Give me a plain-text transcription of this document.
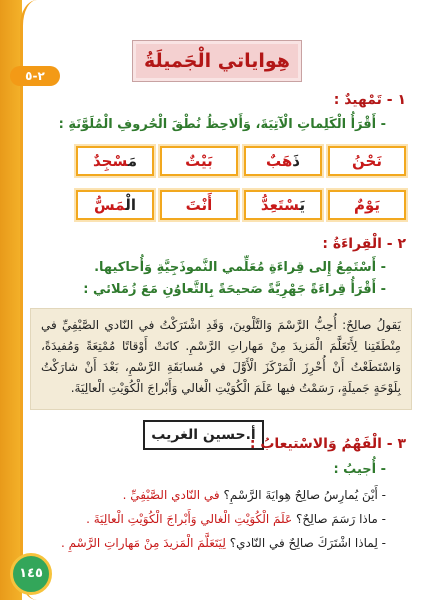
٢-٥
١٤٥
هِواياتي الْجَميلَةُ
١ - تَمْهيدٌ :
- أَقْرَأُ الْكَلِماتِ الْآتِيَةَ، وَأَلاحِظُ نُطْقَ الْحُروفِ الْمُلَوَّنَةِ :
نَحْنُ
ذَهَبٌ
بَيْتٌ
مَسْجِدٌ
يَوْمٌ
يَسْتَعِدُّ
أَنْتَ
الْمَسُّ
٢ - الْقِراءَةُ :
- أَسْتَمِعُ إِلى قِراءَةِ مُعَلِّمي النَّموذَجِيَّةِ وَأُحاكيها.
- أَقْرَأُ قِراءَةً جَهْرِيَّةً صَحيحَةً بِالتَّعاوُنِ مَعَ زُمَلائي :
يَقولُ صالِحٌ: أُحِبُّ الرَّسْمَ وَالتَّلْوينَ، وَقَدِ اشْتَرَكْتُ في النّادي الصَّيْفِيِّ في مِنْطَقَتِنا لِأَتَعَلَّمَ الْمَزيدَ مِنْ مَهاراتِ الرَّسْمِ. كانَتْ أَوْقاتًا مُمْتِعَةً وَمُفيدَةً، وَاسْتَطَعْتُ أَنْ أُحْرِزَ الْمَرْكَزَ الْأَوَّلَ في مُسابَقَةِ الرَّسْمِ، بَعْدَ أَنْ شارَكْتُ بِلَوْحَةٍ جَميلَةٍ، رَسَمْتُ فيها عَلَمَ الْكُوَيْتِ الْغالي وَأَبْراجَ الْكُوَيْتِ الْعالِيَةَ.
أ.حسين الغريب
٣ - الْفَهْمُ وَالاسْتيعابُ :
- أُجيبُ :
- أَيْنَ يُمارِسُ صالِحٌ هِوايَةَ الرَّسْمِ؟ في النّادي الصَّيْفِيِّ .
- ماذا رَسَمَ صالِحٌ؟ عَلَمَ الْكُوَيْتِ الْغالي وَأَبْراجَ الْكُوَيْتِ الْعالِيَةَ .
- لِماذا اشْتَرَكَ صالِحٌ في النّادي؟ لِيَتَعَلَّمَ الْمَزيدَ مِنْ مَهاراتِ الرَّسْمِ .
